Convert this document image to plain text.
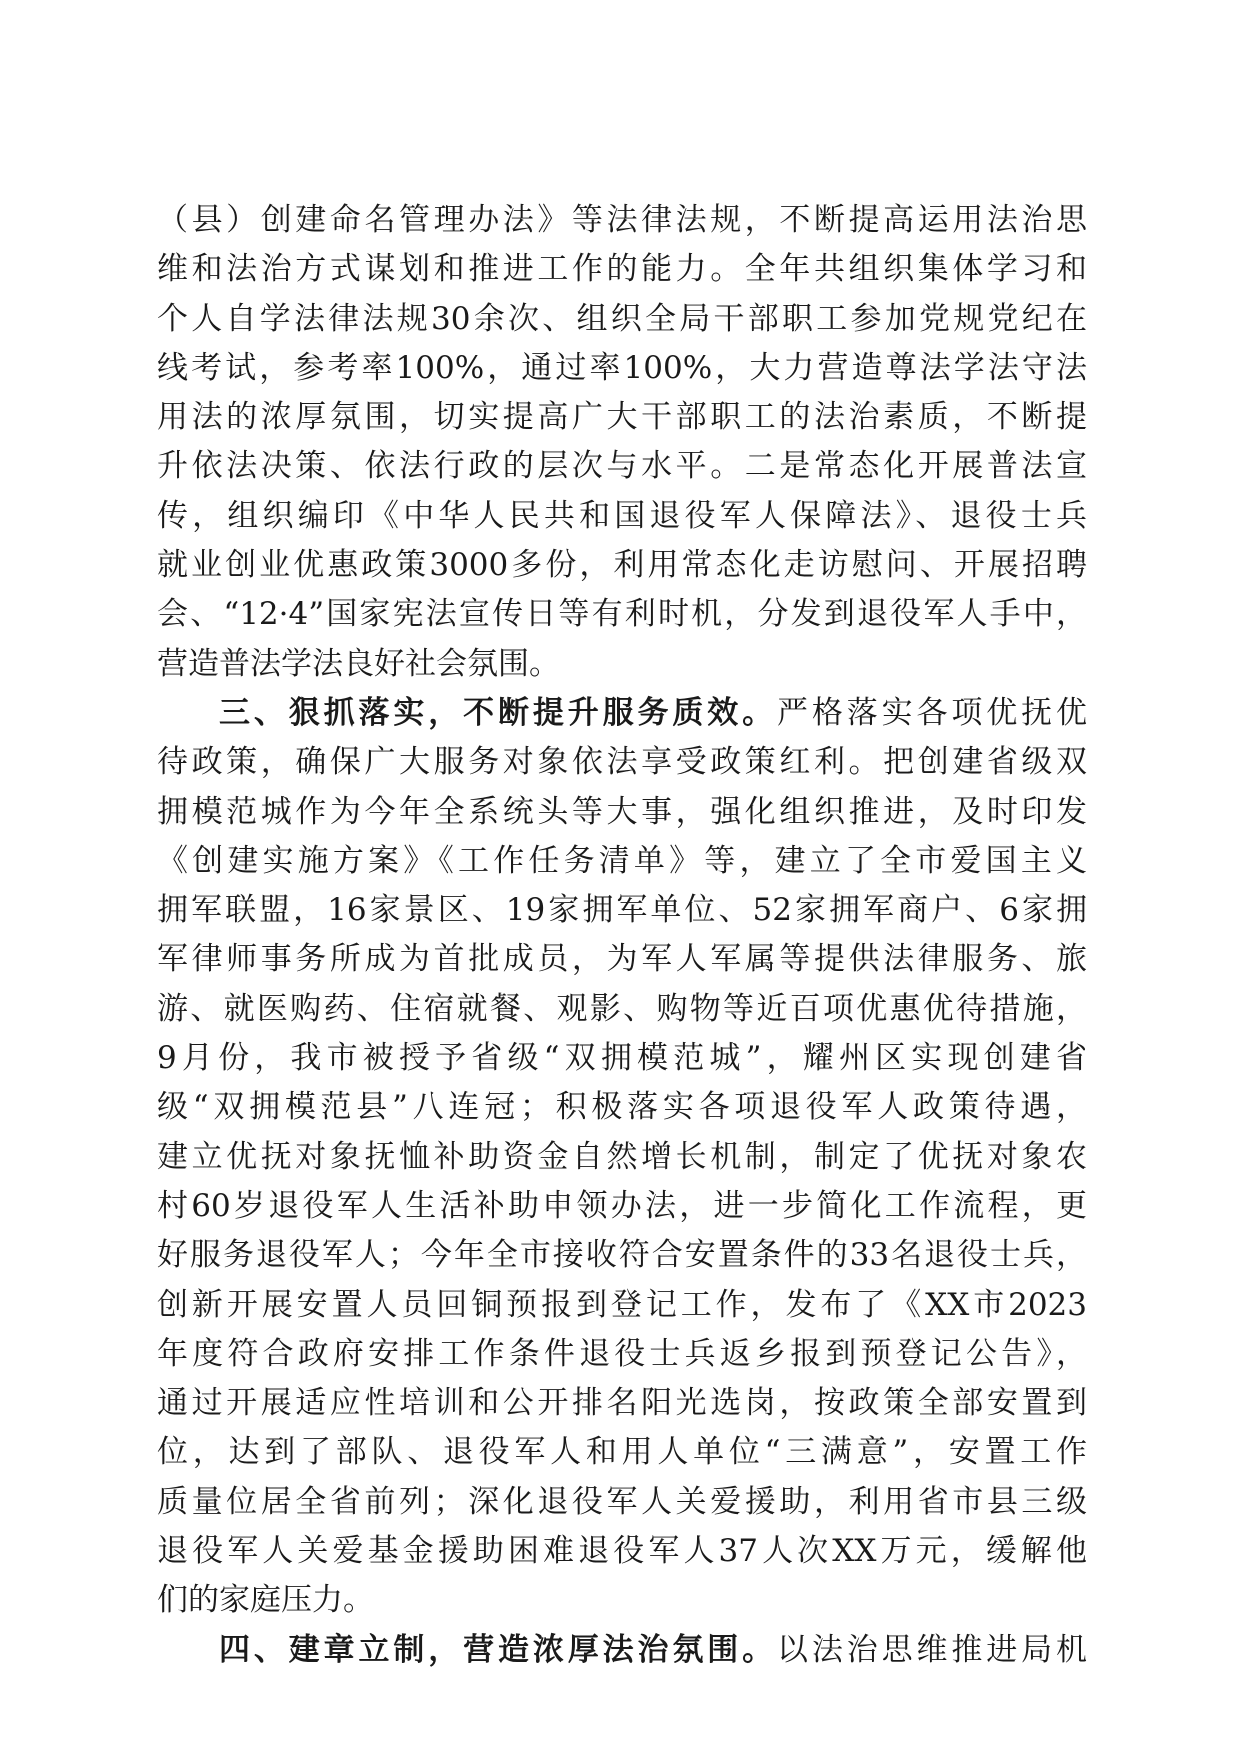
（县）创建命名管理办法》等法律法规，不断提高运用法治思
维和法治方式谋划和推进工作的能力。全年共组织集体学习和
个人自学法律法规30余次、组织全局干部职工参加党规党纪在
线考试，参考率100%，通过率100%，大力营造尊法学法守法
用法的浓厚氛围，切实提高广大干部职工的法治素质，不断提
升依法决策、依法行政的层次与水平。二是常态化开展普法宣
传，组织编印《中华人民共和国退役军人保障法》、退役士兵
就业创业优惠政策3000多份，利用常态化走访慰问、开展招聘
会、“12·4”国家宪法宣传日等有利时机，分发到退役军人手中，
营造普法学法良好社会氛围。
三、狠抓落实，不断提升服务质效。严格落实各项优抚优
待政策，确保广大服务对象依法享受政策红利。把创建省级双
拥模范城作为今年全系统头等大事，强化组织推进，及时印发
《创建实施方案》《工作任务清单》等，建立了全市爱国主义
拥军联盟，16家景区、19家拥军单位、52家拥军商户、6家拥
军律师事务所成为首批成员，为军人军属等提供法律服务、旅
游、就医购药、住宿就餐、观影、购物等近百项优惠优待措施，
9月份，我市被授予省级“双拥模范城”，耀州区实现创建省
级“双拥模范县”八连冠；积极落实各项退役军人政策待遇，
建立优抚对象抚恤补助资金自然增长机制，制定了优抚对象农
村60岁退役军人生活补助申领办法，进一步简化工作流程，更
好服务退役军人；今年全市接收符合安置条件的33名退役士兵，
创新开展安置人员回铜预报到登记工作，发布了《XX市2023
年度符合政府安排工作条件退役士兵返乡报到预登记公告》，
通过开展适应性培训和公开排名阳光选岗，按政策全部安置到
位，达到了部队、退役军人和用人单位“三满意”，安置工作
质量位居全省前列；深化退役军人关爱援助，利用省市县三级
退役军人关爱基金援助困难退役军人37人次XX万元，缓解他
们的家庭压力。
四、建章立制，营造浓厚法治氛围。以法治思维推进局机
